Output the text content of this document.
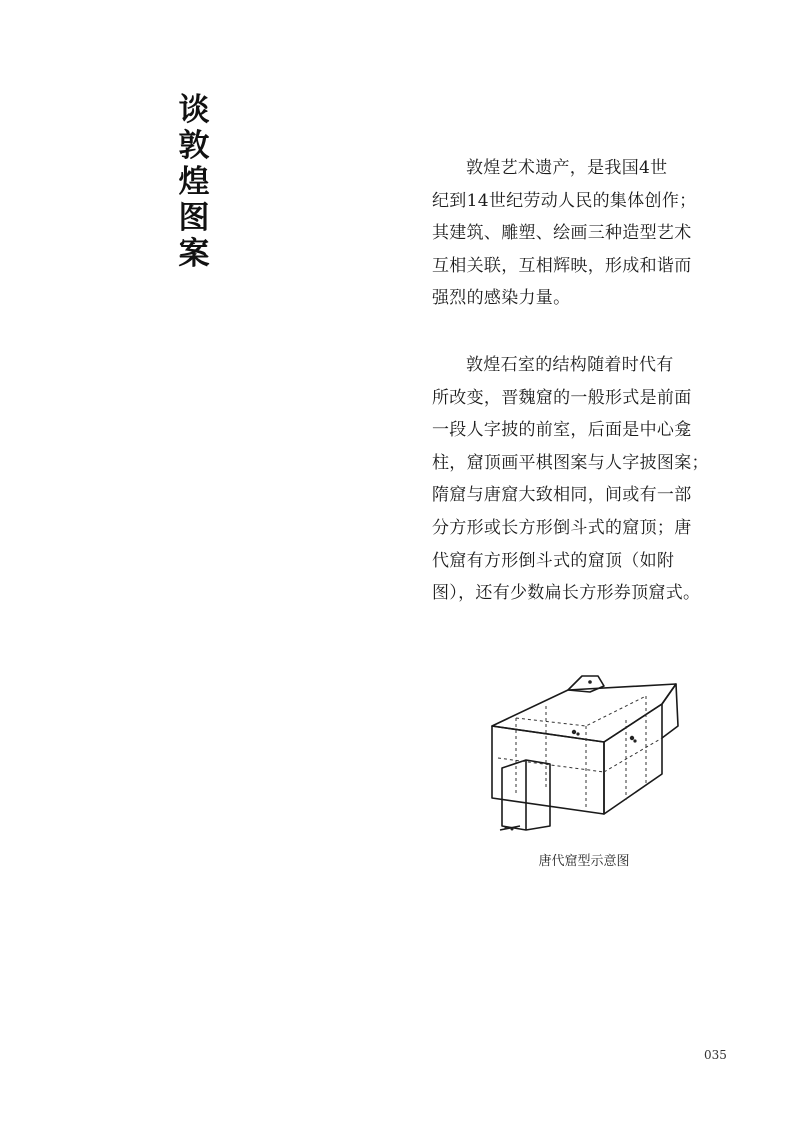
谈
敦
煌
图
案

敦煌艺术遗产，是我国4世
纪到14世纪劳动人民的集体创作；
其建筑、雕塑、绘画三种造型艺术
互相关联，互相辉映，形成和谐而
强烈的感染力量。

敦煌石室的结构随着时代有
所改变，晋魏窟的一般形式是前面
一段人字披的前室，后面是中心龛
柱，窟顶画平棋图案与人字披图案；
隋窟与唐窟大致相同，间或有一部
分方形或长方形倒斗式的窟顶；唐
代窟有方形倒斗式的窟顶（如附
图），还有少数扁长方形券顶窟式。

唐代窟型示意图
035
